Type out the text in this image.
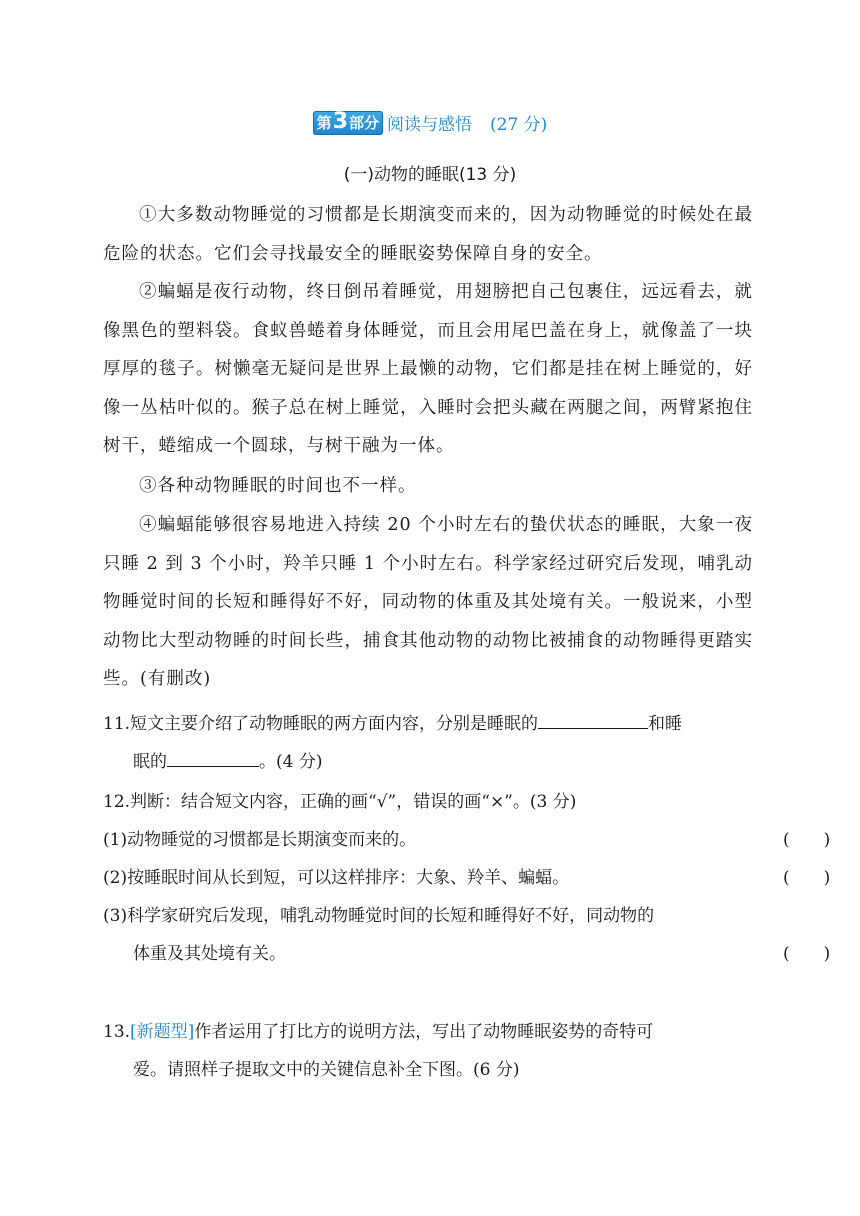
第 3 部分 阅读与感悟 (27 分)
(一)动物的睡眠(13 分)
①大多数动物睡觉的习惯都是长期演变而来的，因为动物睡觉的时候处在最危险的状态。它们会寻找最安全的睡眠姿势保障自身的安全。
②蝙蝠是夜行动物，终日倒吊着睡觉，用翅膀把自己包裹住，远远看去，就像黑色的塑料袋。食蚁兽蜷着身体睡觉，而且会用尾巴盖在身上，就像盖了一块厚厚的毯子。树懒毫无疑问是世界上最懒的动物，它们都是挂在树上睡觉的，好像一丛枯叶似的。猴子总在树上睡觉，入睡时会把头藏在两腿之间，两臂紧抱住树干，蜷缩成一个圆球，与树干融为一体。
③各种动物睡眠的时间也不一样。
④蝙蝠能够很容易地进入持续 20 个小时左右的蛰伏状态的睡眠，大象一夜只睡 2 到 3 个小时，羚羊只睡 1 个小时左右。科学家经过研究后发现，哺乳动物睡觉时间的长短和睡得好不好，同动物的体重及其处境有关。一般说来，小型动物比大型动物睡的时间长些，捕食其他动物的动物比被捕食的动物睡得更踏实些。(有删改)
11.短文主要介绍了动物睡眠的两方面内容，分别是睡眠的	和睡
眠的	。(4 分)
12.判断：结合短文内容，正确的画“√”，错误的画“×”。(3 分)
(1)动物睡觉的习惯都是长期演变而来的。	(　　)
(2)按睡眠时间从长到短，可以这样排序：大象、羚羊、蝙蝠。	(　　)
(3)科学家研究后发现，哺乳动物睡觉时间的长短和睡得好不好，同动物的
体重及其处境有关。	(　　)
13.[新题型]作者运用了打比方的说明方法，写出了动物睡眠姿势的奇特可
爱。请照样子提取文中的关键信息补全下图。(6 分)
